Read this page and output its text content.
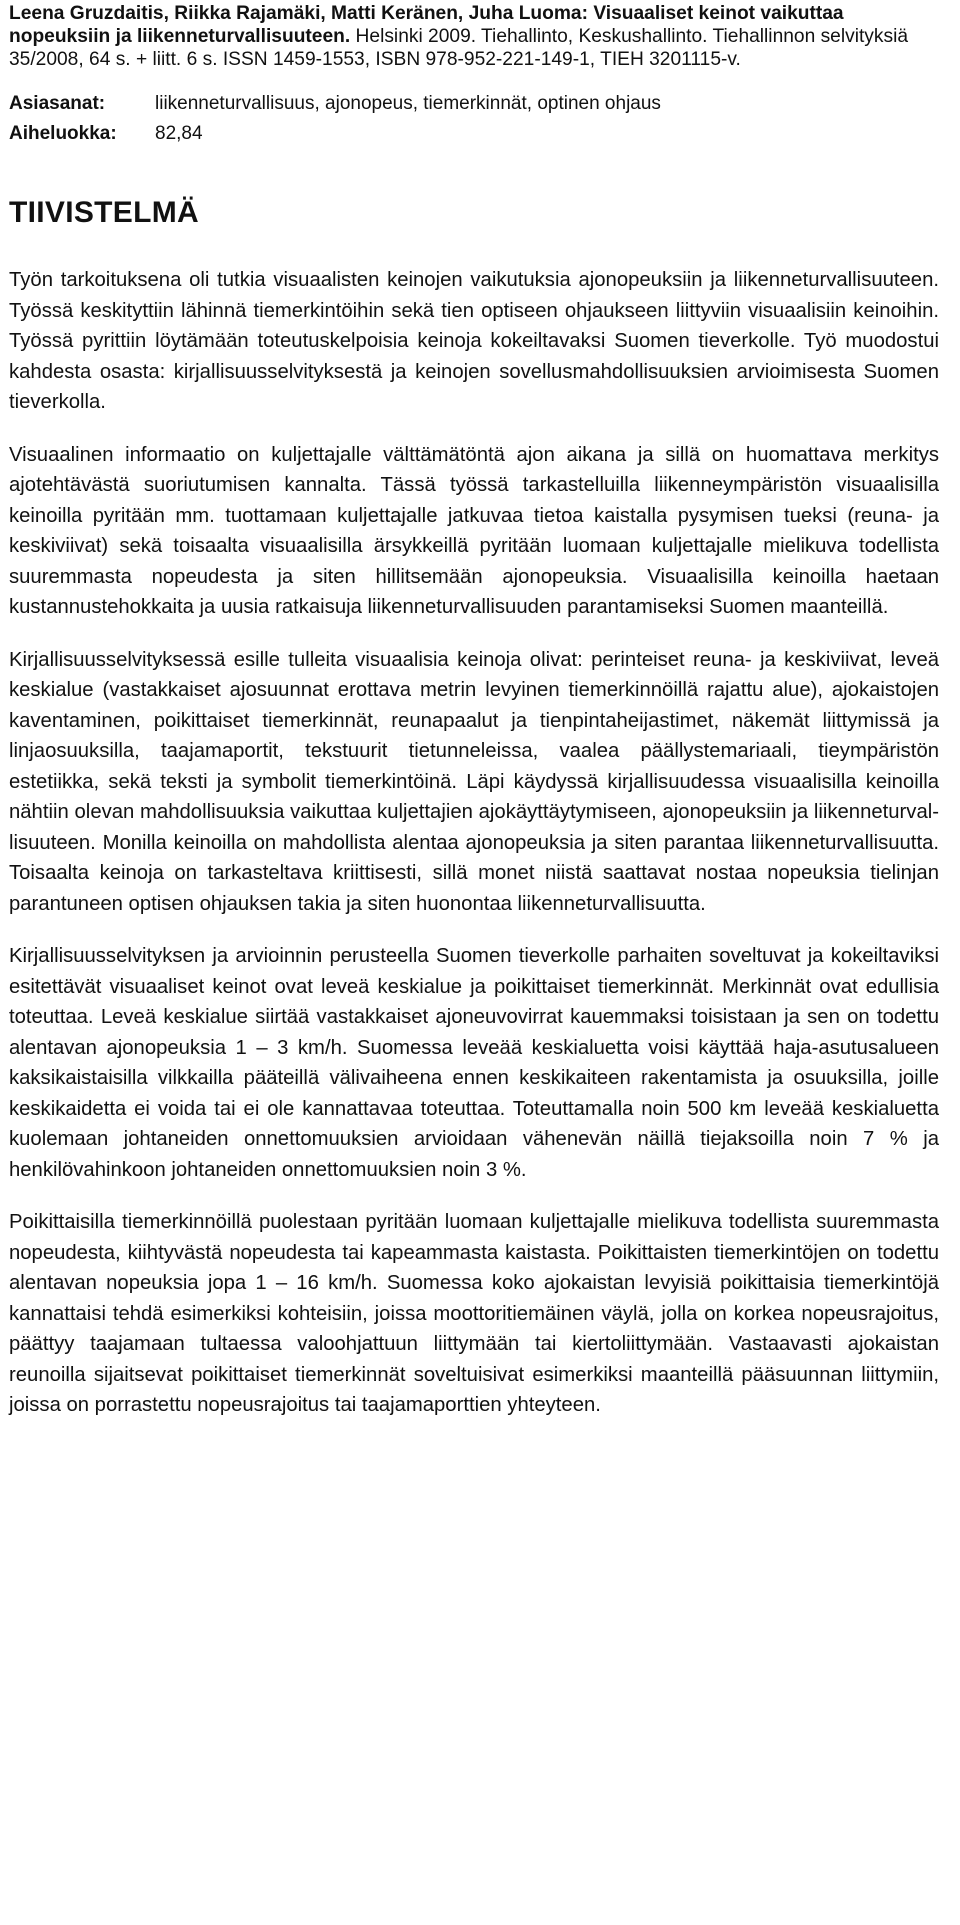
Leena Gruzdaitis, Riikka Rajamäki, Matti Keränen, Juha Luoma: Visuaaliset keinot vaikuttaa nopeuksiin ja liikenneturvallisuuteen. Helsinki 2009. Tiehallinto, Keskushallinto. Tiehallinnon selvityksiä 35/2008, 64 s. + liitt. 6 s. ISSN 1459-1553, ISBN 978-952-221-149-1, TIEH 3201115-v.
Asiasanat:	liikenneturvallisuus, ajonopeus, tiemerkinnät, optinen ohjaus
Aiheluokka:	82,84
TIIVISTELMÄ

Työn tarkoituksena oli tutkia visuaalisten keinojen vaikutuksia ajonopeuksiin ja liikenneturvallisuuteen. Työssä keskityttiin lähinnä tiemerkintöihin sekä tien optiseen ohjaukseen liittyviin visuaalisiin keinoihin. Työssä pyrittiin löytämään toteutuskelpoisia keinoja kokeiltavaksi Suomen tieverkolle. Työ muodostui kahdesta osasta: kirjallisuusselvityksestä ja keinojen sovellusmahdollisuuksien arvioimisesta Suomen tieverkolla.

Visuaalinen informaatio on kuljettajalle välttämätöntä ajon aikana ja sillä on huomattava merkitys ajotehtävästä suoriutumisen kannalta. Tässä työssä tarkastelluilla liikenneympäristön visuaalisilla keinoilla pyritään mm. tuottamaan kuljettajalle jatkuvaa tietoa kaistalla pysymisen tueksi (reuna- ja keskiviivat) sekä toisaalta visuaalisilla ärsykkeillä pyritään luomaan kuljettajalle mielikuva todellista suuremmasta nopeudesta ja siten hillitsemään ajonopeuksia. Visuaalisilla keinoilla haetaan kustannustehokkaita ja uusia ratkaisuja liikenneturvallisuuden parantamiseksi Suomen maanteillä.

Kirjallisuusselvityksessä esille tulleita visuaalisia keinoja olivat: perinteiset reuna- ja keskiviivat, leveä keskialue (vastakkaiset ajosuunnat erottava metrin levyinen tiemerkinnöillä rajattu alue), ajokaistojen kaventaminen, poikittaiset tiemerkinnät, reunapaalut ja tienpintaheijastimet, näkemät liittymissä ja linjaosuuksilla, taajamaportit, tekstuurit tietunneleissa, vaalea päällystemariaali, tieympäristön estetiikka, sekä teksti ja symbolit tiemerkintöinä. Läpi käydyssä kirjallisuudessa visuaalisilla keinoilla nähtiin olevan mahdollisuuksia vaikuttaa kuljettajien ajokäyttäytymiseen, ajonopeuksiin ja liikenneturvallisuuteen. Monilla keinoilla on mahdollista alentaa ajonopeuksia ja siten parantaa liikenneturvallisuutta. Toisaalta keinoja on tarkasteltava kriittisesti, sillä monet niistä saattavat nostaa nopeuksia tielinjan parantuneen optisen ohjauksen takia ja siten huonontaa liikenneturvallisuutta.

Kirjallisuusselvityksen ja arvioinnin perusteella Suomen tieverkolle parhaiten soveltuvat ja kokeiltaviksi esitettävät visuaaliset keinot ovat leveä keskialue ja poikittaiset tiemerkinnät. Merkinnät ovat edullisia toteuttaa. Leveä keskialue siirtää vastakkaiset ajoneuvovirrat kauemmaksi toisistaan ja sen on todettu alentavan ajonopeuksia 1 – 3 km/h. Suomessa leveää keskialuetta voisi käyttää haja-asutusalueen kaksikaistaisilla vilkkailla pääteillä välivaiheena ennen keskikaiteen rakentamista ja osuuksilla, joille keskikaidetta ei voida tai ei ole kannattavaa toteuttaa. Toteuttamalla noin 500 km leveää keskialuetta kuolemaan johtaneiden onnettomuuksien arvioidaan vähenevän näillä tiejaksoilla noin 7 % ja henkilövahinkoon johtaneiden onnettomuuksien noin 3 %.

Poikittaisilla tiemerkinnöillä puolestaan pyritään luomaan kuljettajalle mielikuva todellista suuremmasta nopeudesta, kiihtyvästä nopeudesta tai kapeammasta kaistasta. Poikittaisten tiemerkintöjen on todettu alentavan nopeuksia jopa 1 – 16 km/h. Suomessa koko ajokaistan levyisiä poikittaisia tiemerkintöjä kannattaisi tehdä esimerkiksi kohteisiin, joissa moottoritiemäinen väylä, jolla on korkea nopeusrajoitus, päättyy taajamaan tultaessa valoohjattuun liittymään tai kiertoliittymään. Vastaavasti ajokaistan reunoilla sijaitsevat poikittaiset tiemerkinnät soveltuisivat esimerkiksi maanteillä pääsuunnan liittymiin, joissa on porrastettu nopeusrajoitus tai taajamaporttien yhteyteen.
